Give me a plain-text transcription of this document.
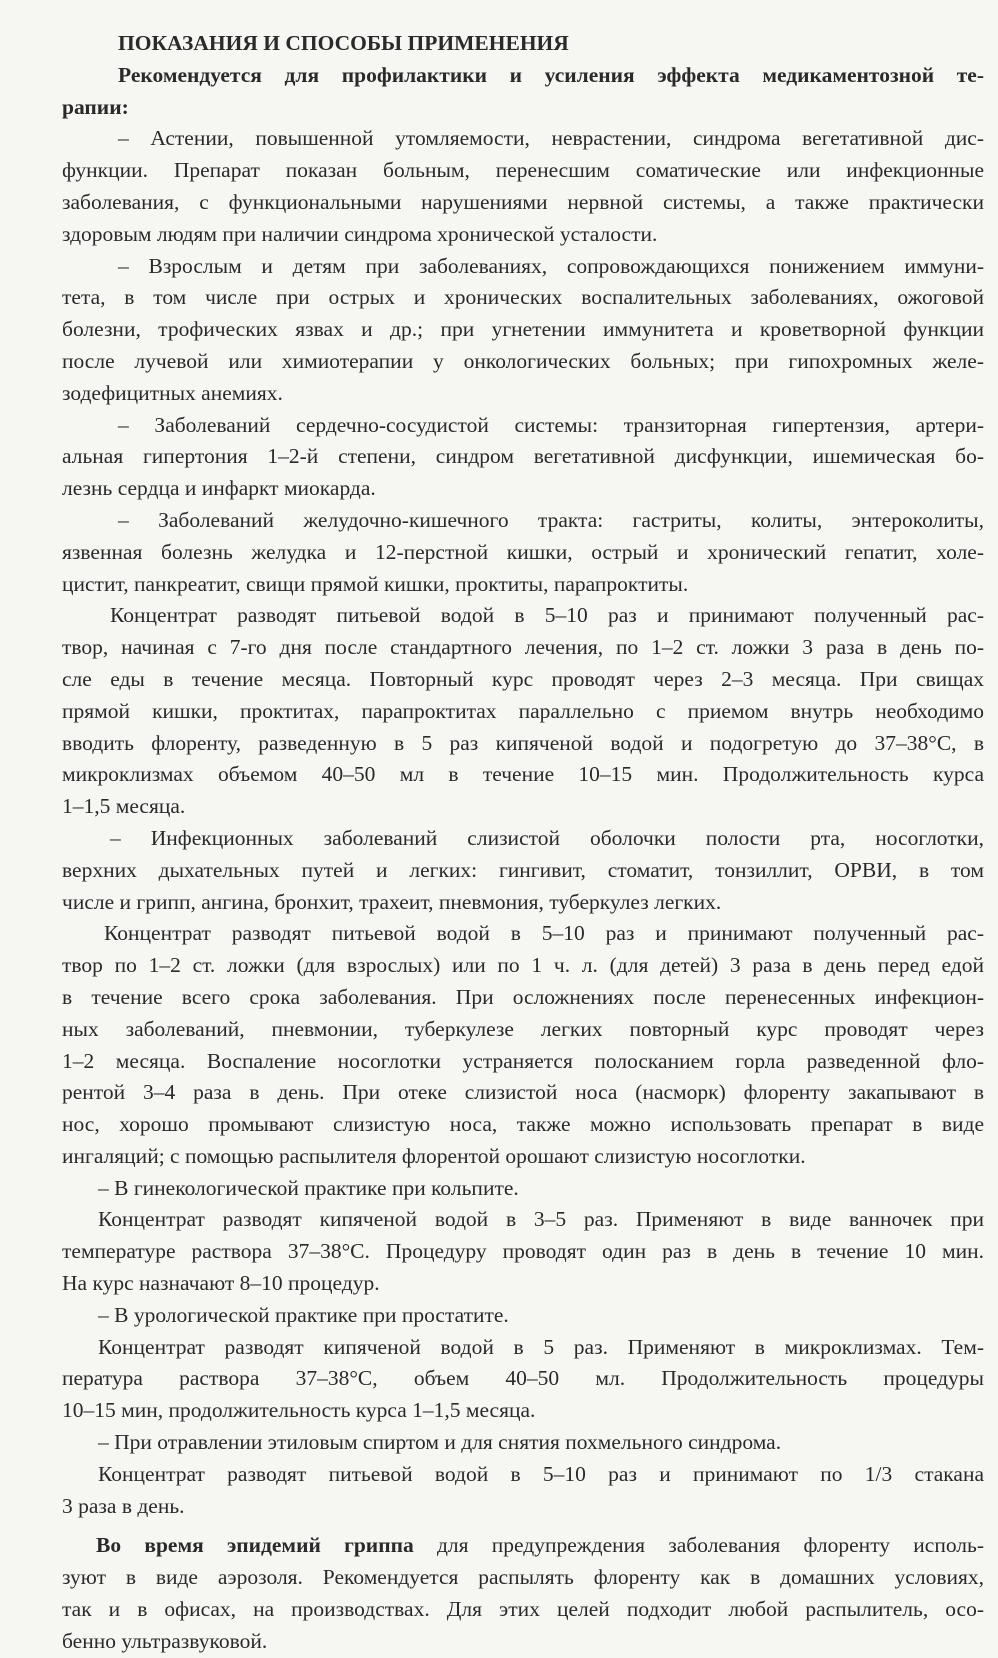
ПОКАЗАНИЯ И СПОСОБЫ ПРИМЕНЕНИЯ
Рекомендуется для профилактики и усиления эффекта медикаментозной те-
рапии:
– Астении, повышенной утомляемости, неврастении, синдрома вегетативной дис-
функции. Препарат показан больным, перенесшим соматические или инфекционные
заболевания, с функциональными нарушениями нервной системы, а также практически
здоровым людям при наличии синдрома хронической усталости.
– Взрослым и детям при заболеваниях, сопровождающихся понижением иммуни-
тета, в том числе при острых и хронических воспалительных заболеваниях, ожоговой
болезни, трофических язвах и др.; при угнетении иммунитета и кроветворной функции
после лучевой или химиотерапии у онкологических больных; при гипохромных желе-
зодефицитных анемиях.
– Заболеваний сердечно-сосудистой системы: транзиторная гипертензия, артери-
альная гипертония 1–2-й степени, синдром вегетативной дисфункции, ишемическая бо-
лезнь сердца и инфаркт миокарда.
– Заболеваний желудочно-кишечного тракта: гастриты, колиты, энтероколиты,
язвенная болезнь желудка и 12-перстной кишки, острый и хронический гепатит, холе-
цистит, панкреатит, свищи прямой кишки, проктиты, парапроктиты.
Концентрат разводят питьевой водой в 5–10 раз и принимают полученный рас-
твор, начиная с 7-го дня после стандартного лечения, по 1–2 ст. ложки 3 раза в день по-
сле еды в течение месяца. Повторный курс проводят через 2–3 месяца. При свищах
прямой кишки, проктитах, парапроктитах параллельно с приемом внутрь необходимо
вводить флоренту, разведенную в 5 раз кипяченой водой и подогретую до 37–38°С, в
микроклизмах объемом 40–50 мл в течение 10–15 мин. Продолжительность курса
1–1,5 месяца.
– Инфекционных заболеваний слизистой оболочки полости рта, носоглотки,
верхних дыхательных путей и легких: гингивит, стоматит, тонзиллит, ОРВИ, в том
числе и грипп, ангина, бронхит, трахеит, пневмония, туберкулез легких.
Концентрат разводят питьевой водой в 5–10 раз и принимают полученный рас-
твор по 1–2 ст. ложки (для взрослых) или по 1 ч. л. (для детей) 3 раза в день перед едой
в течение всего срока заболевания. При осложнениях после перенесенных инфекцион-
ных заболеваний, пневмонии, туберкулезе легких повторный курс проводят через
1–2 месяца. Воспаление носоглотки устраняется полосканием горла разведенной фло-
рентой 3–4 раза в день. При отеке слизистой носа (насморк) флоренту закапывают в
нос, хорошо промывают слизистую носа, также можно использовать препарат в виде
ингаляций; с помощью распылителя флорентой орошают слизистую носоглотки.
– В гинекологической практике при кольпите.
Концентрат разводят кипяченой водой в 3–5 раз. Применяют в виде ванночек при
температуре раствора 37–38°С. Процедуру проводят один раз в день в течение 10 мин.
На курс назначают 8–10 процедур.
– В урологической практике при простатите.
Концентрат разводят кипяченой водой в 5 раз. Применяют в микроклизмах. Тем-
пература раствора 37–38°С, объем 40–50 мл. Продолжительность процедуры
10–15 мин, продолжительность курса 1–1,5 месяца.
– При отравлении этиловым спиртом и для снятия похмельного синдрома.
Концентрат разводят питьевой водой в 5–10 раз и принимают по 1/3 стакана
3 раза в день.
Во время эпидемий гриппа для предупреждения заболевания флоренту исполь-
зуют в виде аэрозоля. Рекомендуется распылять флоренту как в домашних условиях,
так и в офисах, на производствах. Для этих целей подходит любой распылитель, осо-
бенно ультразвуковой.
